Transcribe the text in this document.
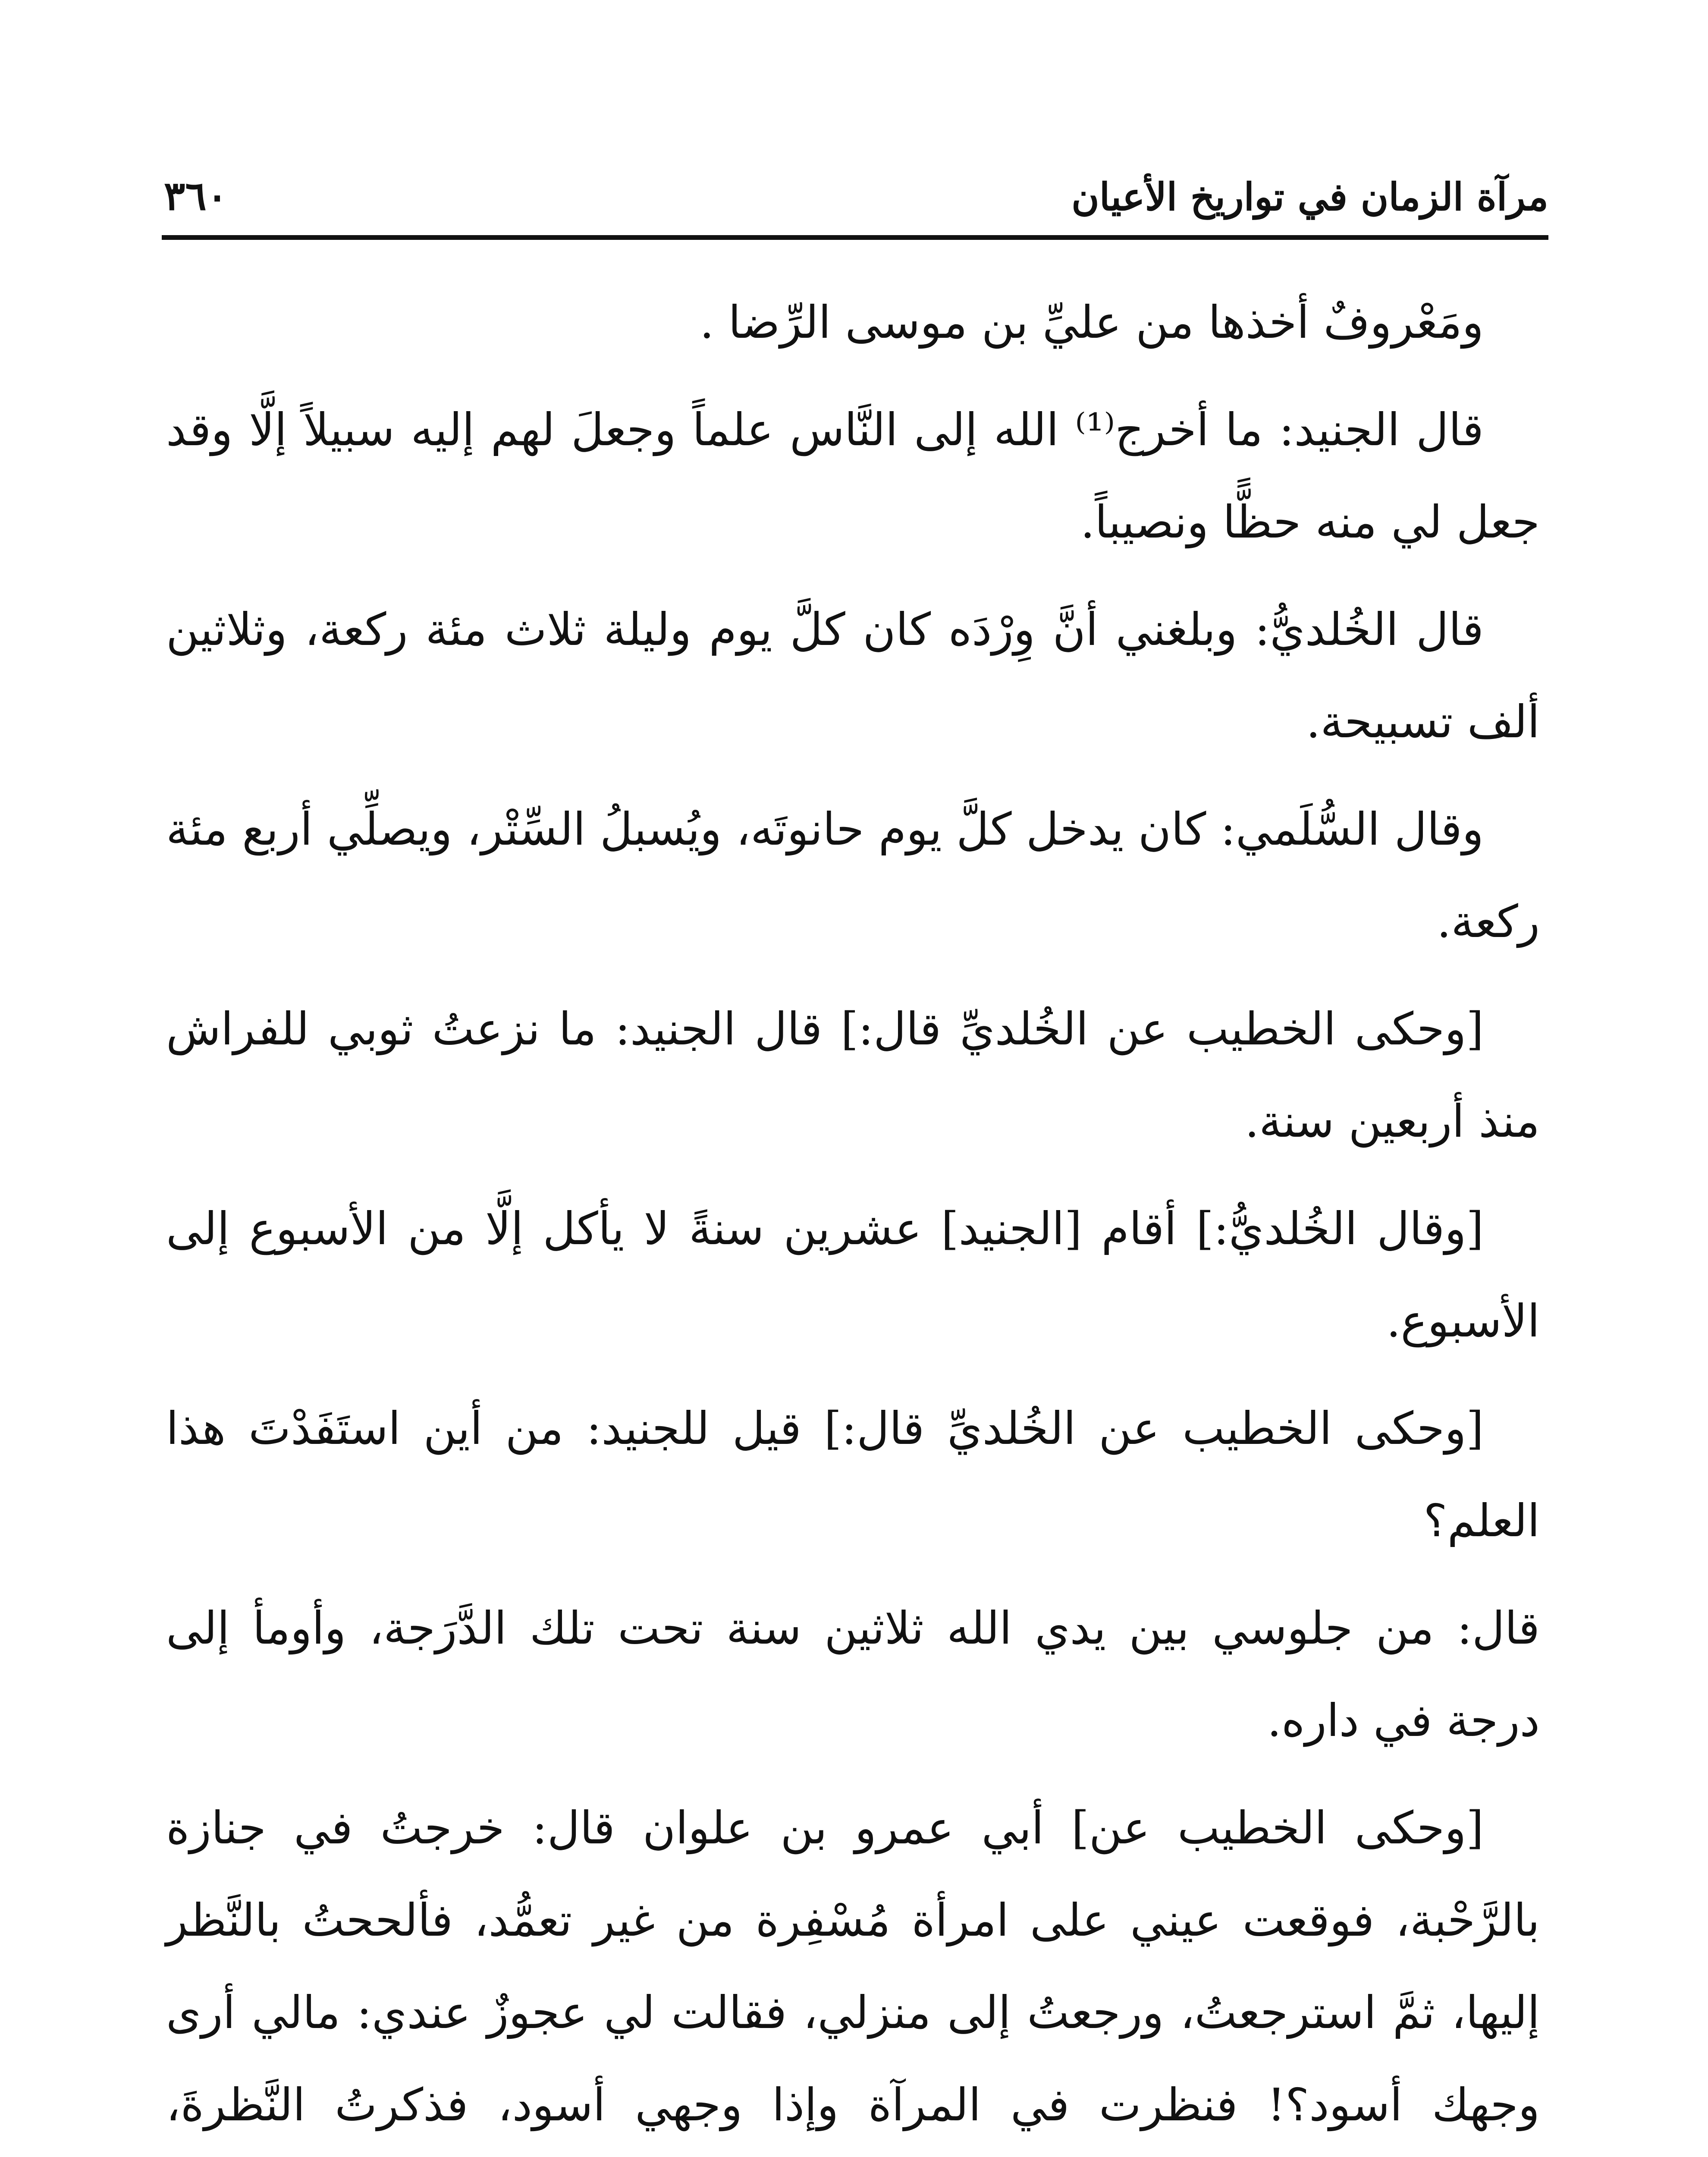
مرآة الزمان في تواريخ الأعيان
٣٦٠

ومَعْروفٌ أخذها من عليِّ بن موسى الرِّضا .

قال الجنيد: ما أخرج⁽¹⁾ الله إلى النَّاس علماً وجعلَ لهم إليه سبيلاً إلَّا وقد جعل لي منه حظًّا ونصيباً.

قال الخُلديُّ: وبلغني أنَّ وِرْدَه كان كلَّ يوم وليلة ثلاث مئة ركعة، وثلاثين ألف تسبيحة.

وقال السُّلَمي: كان يدخل كلَّ يوم حانوتَه، ويُسبلُ السِّتْر، ويصلِّي أربع مئة ركعة.

[وحكى الخطيب عن الخُلديِّ قال:] قال الجنيد: ما نزعتُ ثوبي للفراش منذ أربعين سنة.

[وقال الخُلديُّ:] أقام [الجنيد] عشرين سنةً لا يأكل إلَّا من الأسبوع إلى الأسبوع.

[وحكى الخطيب عن الخُلديِّ قال:] قيل للجنيد: من أين استَفَدْتَ هذا العلم؟

قال: من جلوسي بين يدي الله ثلاثين سنة تحت تلك الدَّرَجة، وأومأ إلى درجة في داره.

[وحكى الخطيب عن] أبي عمرو بن علوان قال: خرجتُ في جنازة بالرَّحْبة، فوقعت عيني على امرأة مُسْفِرة من غير تعمُّد، فألححتُ بالنَّظر إليها، ثمَّ استرجعتُ، ورجعتُ إلى منزلي، فقالت لي عجوزٌ عندي: مالي أرى وجهك أسود؟! فنظرت في المرآة وإذا وجهي أسود، فذكرتُ النَّظرةَ،
